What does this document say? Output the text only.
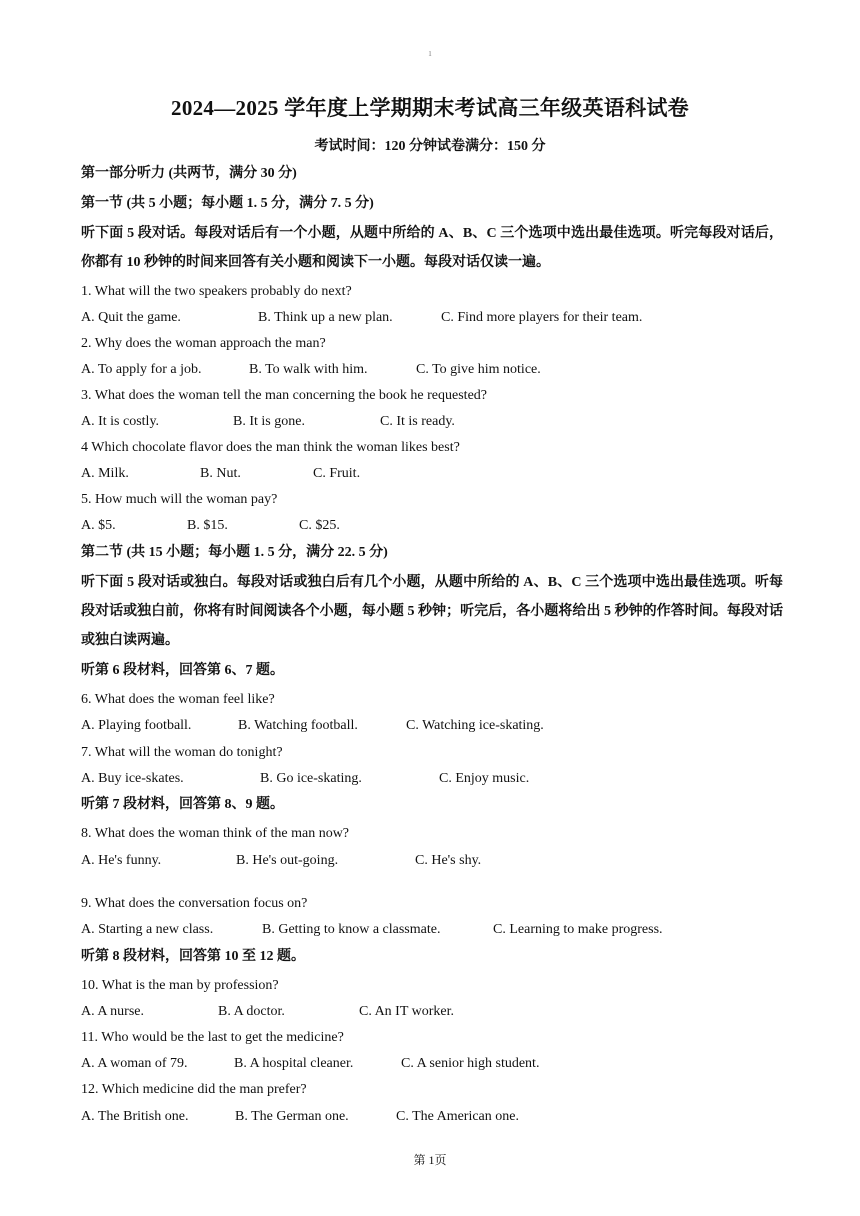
1
2024—2025 学年度上学期期末考试高三年级英语科试卷
考试时间：120 分钟试卷满分：150 分
第一部分听力 (共两节，满分 30 分)
第一节 (共 5 小题；每小题 1. 5 分，满分 7. 5 分)
听下面 5 段对话。每段对话后有一个小题，从题中所给的 A、B、C 三个选项中选出最佳选项。听完每段对话后，你都有 10 秒钟的时间来回答有关小题和阅读下一小题。每段对话仅读一遍。
1. What will the two speakers probably do next?
A. Quit the game.	B. Think up a new plan.	C. Find more players for their team.
2. Why does the woman approach the man?
A. To apply for a job.	B. To walk with him.	C. To give him notice.
3. What does the woman tell the man concerning the book he requested?
A. It is costly.	B. It is gone.	C. It is ready.
4 Which chocolate flavor does the man think the woman likes best?
A. Milk.	B. Nut.	C. Fruit.
5. How much will the woman pay?
A. $5.	B. $15.	C. $25.
第二节 (共 15 小题；每小题 1. 5 分，满分 22. 5 分)
听下面 5 段对话或独白。每段对话或独白后有几个小题，从题中所给的 A、B、C 三个选项中选出最佳选项。听每段对话或独白前，你将有时间阅读各个小题，每小题 5 秒钟；听完后，各小题将给出 5 秒钟的作答时间。每段对话或独白读两遍。
听第 6 段材料，回答第 6、7 题。
6. What does the woman feel like?
A. Playing football.	B. Watching football.	C. Watching ice-skating.
7. What will the woman do tonight?
A. Buy ice-skates.	B. Go ice-skating.	C. Enjoy music.
听第 7 段材料，回答第 8、9 题。
8. What does the woman think of the man now?
A. He's funny.	B. He's out-going.	C. He's shy.
9. What does the conversation focus on?
A. Starting a new class.	B. Getting to know a classmate.	C. Learning to make progress.
听第 8 段材料，回答第 10 至 12 题。
10. What is the man by profession?
A. A nurse.	B. A doctor.	C. An IT worker.
11. Who would be the last to get the medicine?
A. A woman of 79.	B. A hospital cleaner.	C. A senior high student.
12. Which medicine did the man prefer?
A. The British one.	B. The German one.	C. The American one.
第 1页
